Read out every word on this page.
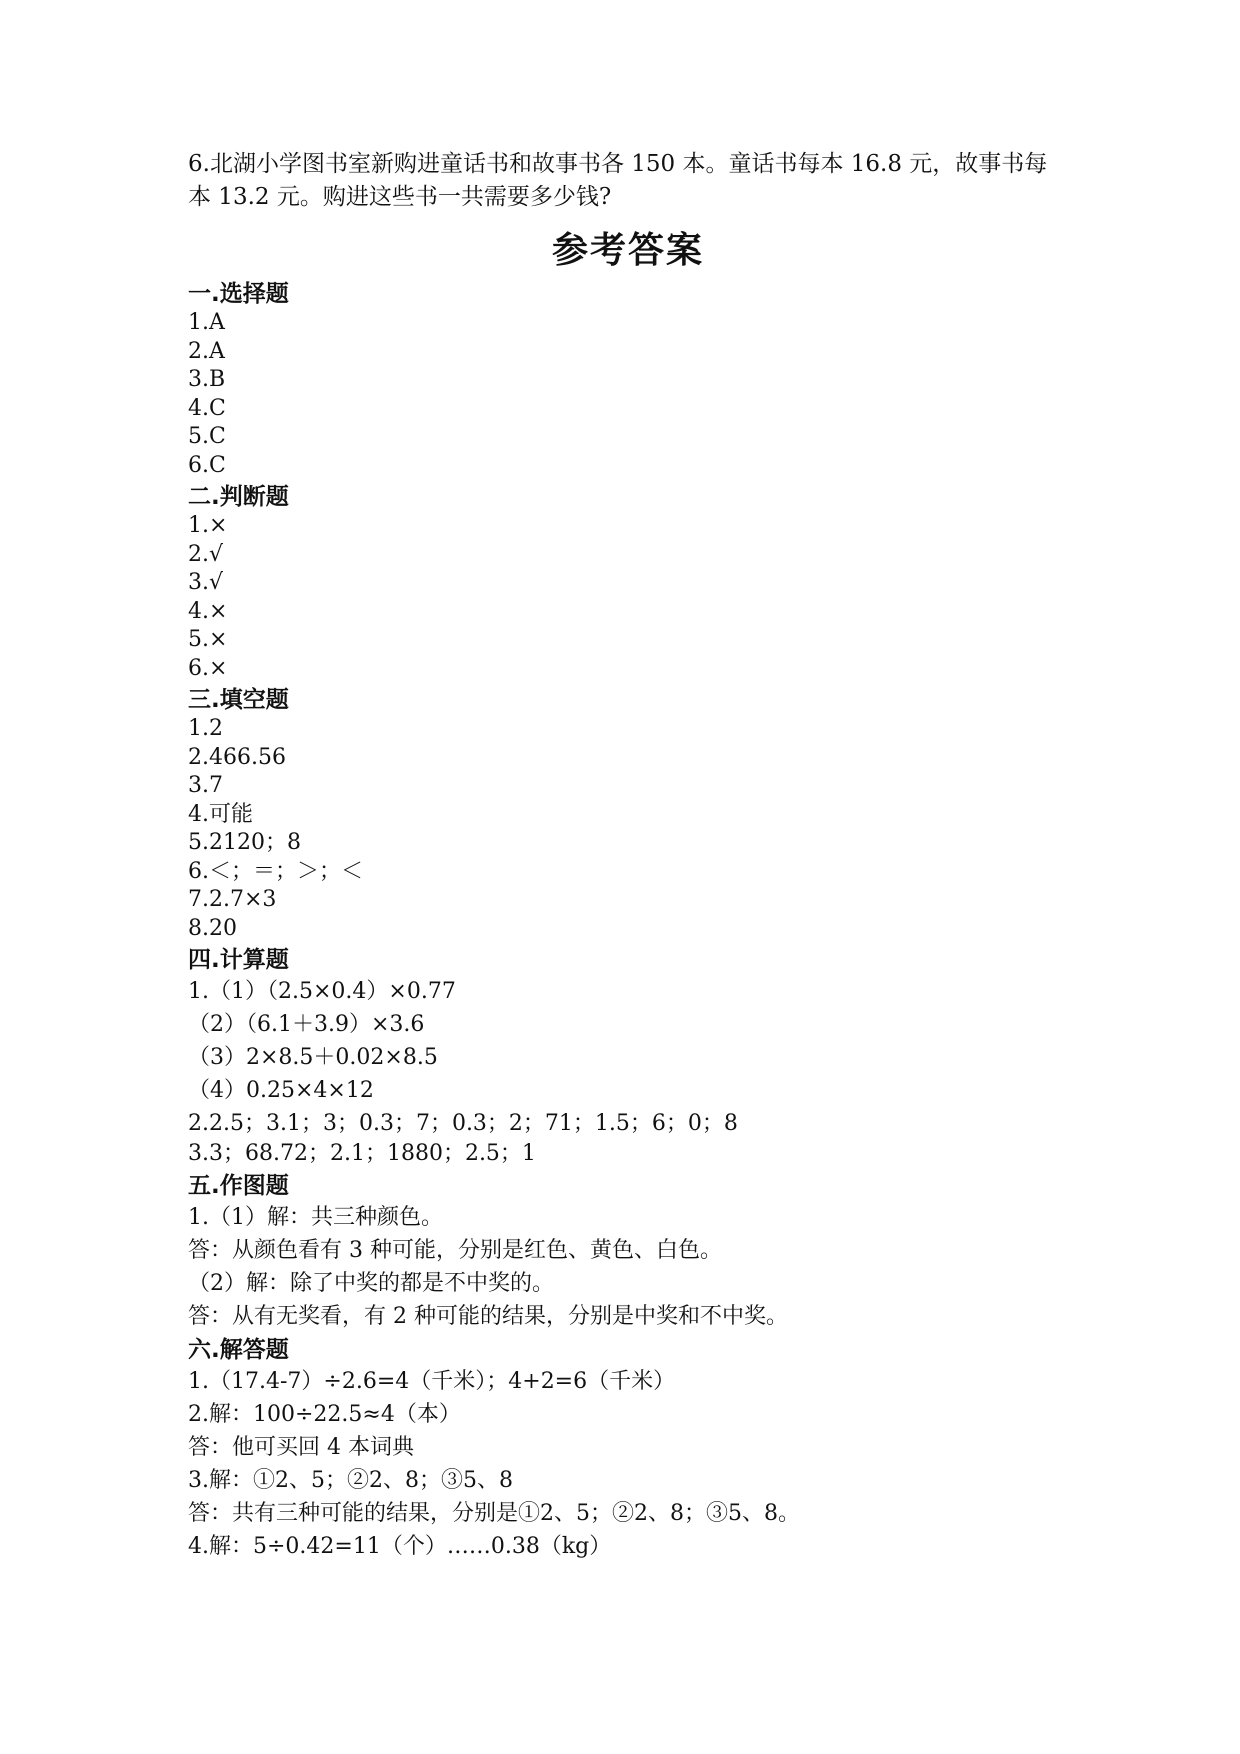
6.北湖小学图书室新购进童话书和故事书各 150 本。童话书每本 16.8 元，故事书每本 13.2 元。购进这些书一共需要多少钱?

参考答案
一.选择题

1.A

2.A

3.B

4.C

5.C

6.C

二.判断题

1.×

2.√

3.√

4.×

5.×

6.×

三.填空题

1.2

2.466.56

3.7

4.可能

5.2120；8

6.＜；＝；＞；＜

7.2.7×3

8.20

四.计算题

1.（1）（2.5×0.4）×0.77

（2）（6.1＋3.9）×3.6

（3）2×8.5＋0.02×8.5

（4）0.25×4×12

2.2.5；3.1；3；0.3；7；0.3；2；71；1.5；6；0；8

3.3；68.72；2.1；1880；2.5；1

五.作图题

1.（1）解：共三种颜色。

答：从颜色看有 3 种可能，分别是红色、黄色、白色。

（2）解：除了中奖的都是不中奖的。

答：从有无奖看，有 2 种可能的结果，分别是中奖和不中奖。

六.解答题

1.（17.4-7）÷2.6=4（千米）；4+2=6（千米）

2.解：100÷22.5≈4（本）

答：他可买回 4 本词典

3.解：①2、5；②2、8；③5、8

答：共有三种可能的结果，分别是①2、5；②2、8；③5、8。

4.解：5÷0.42=11（个）……0.38（kg）
